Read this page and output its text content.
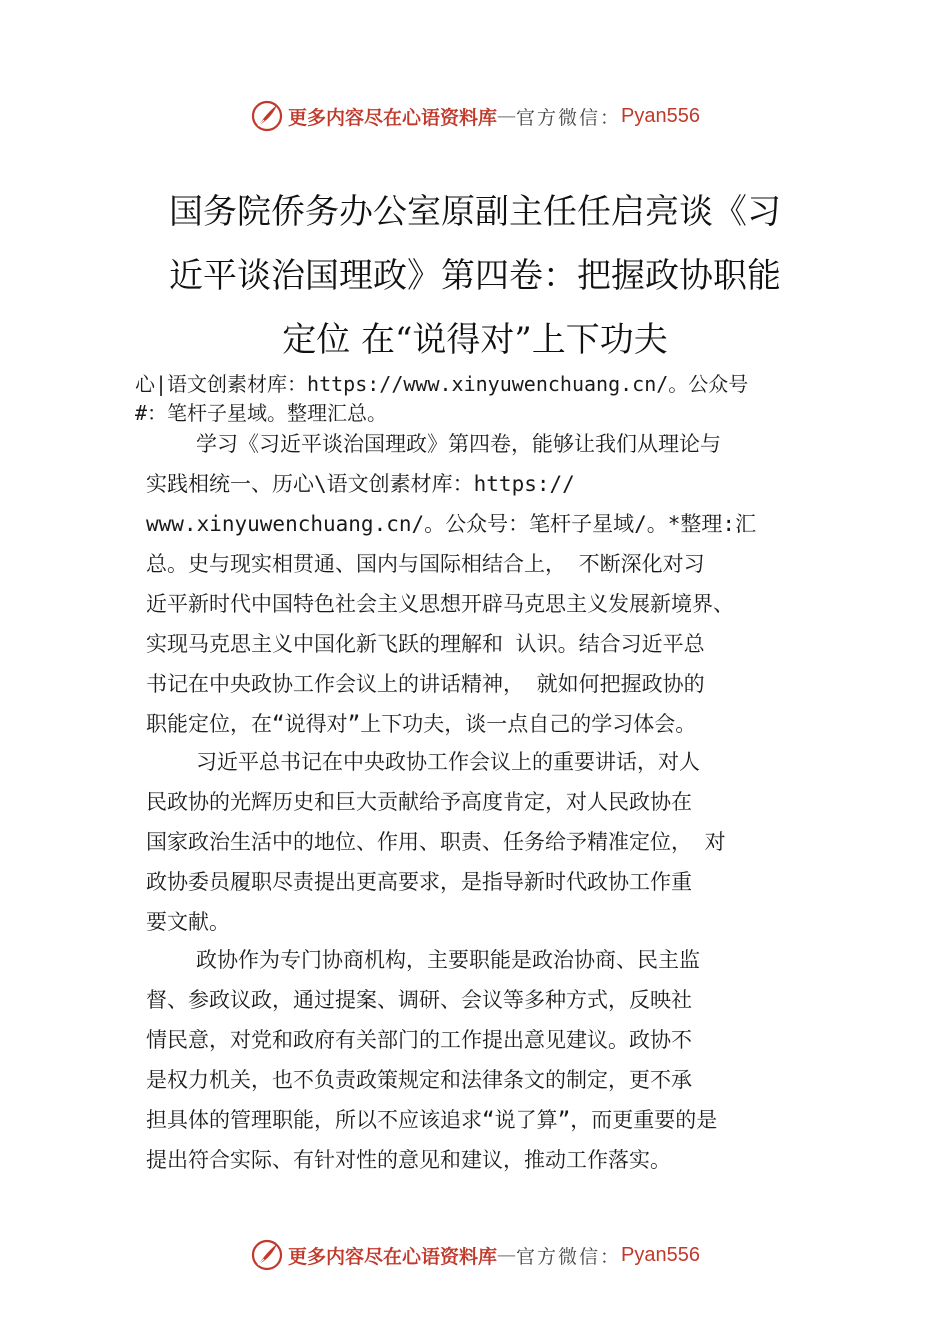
更多内容尽在心语资料库 — 官方微信： Pyan556
国务院侨务办公室原副主任任启亮谈《习
近平谈治国理政》第四卷：把握政协职能
定位 在“说得对”上下功夫
心|语文创素材库：https://www.xinyuwenchuang.cn/。公众号
#：笔杆子星域。整理汇总。
学习《习近平谈治国理政》第四卷，能够让我们从理论与
实践相统一、历心\语文创素材库：https://
www.xinyuwenchuang.cn/。公众号：笔杆子星域/。*整理:汇
总。史与现实相贯通、国内与国际相结合上， 不断深化对习
近平新时代中国特色社会主义思想开辟马克思主义发展新境界、
实现马克思主义中国化新飞跃的理解和 认识。结合习近平总
书记在中央政协工作会议上的讲话精神， 就如何把握政协的
职能定位，在“说得对”上下功夫，谈一点自己的学习体会。
习近平总书记在中央政协工作会议上的重要讲话，对人
民政协的光辉历史和巨大贡献给予高度肯定，对人民政协在
国家政治生活中的地位、作用、职责、任务给予精准定位， 对
政协委员履职尽责提出更高要求，是指导新时代政协工作重
要文献。
政协作为专门协商机构，主要职能是政治协商、民主监
督、参政议政，通过提案、调研、会议等多种方式，反映社
情民意，对党和政府有关部门的工作提出意见建议。政协不
是权力机关，也不负责政策规定和法律条文的制定，更不承
担具体的管理职能，所以不应该追求“说了算”，而更重要的是
提出符合实际、有针对性的意见和建议，推动工作落实。
更多内容尽在心语资料库 — 官方微信： Pyan556
